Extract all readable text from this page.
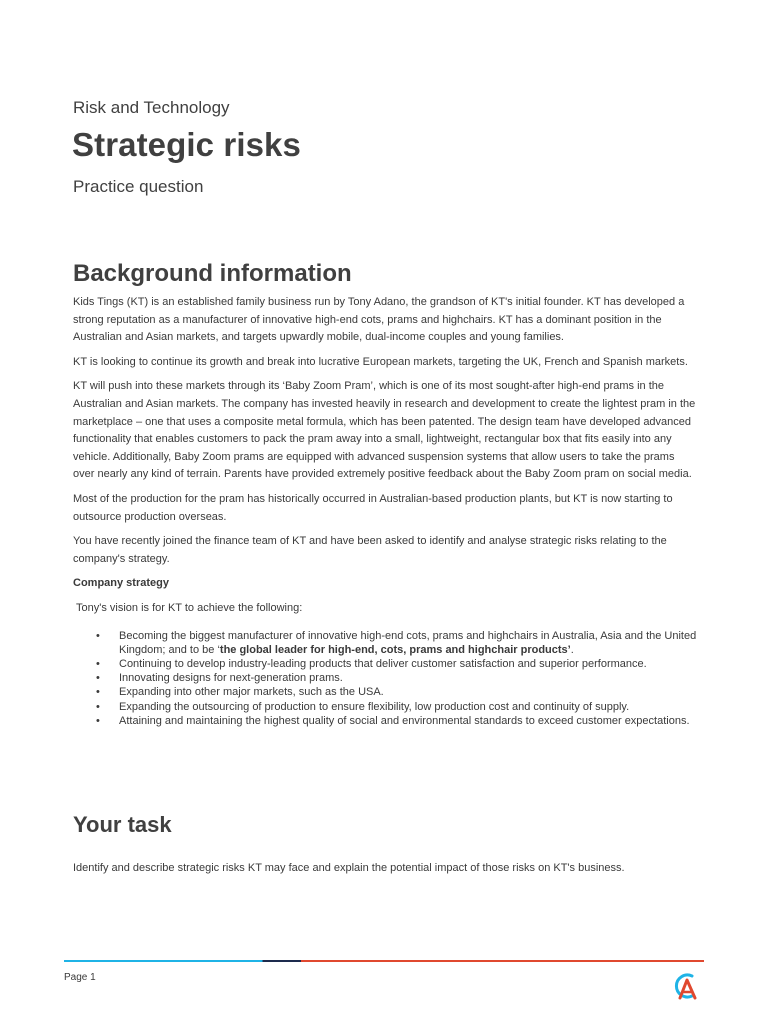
Risk and Technology
Strategic risks
Practice question
Background information

Kids Tings (KT) is an established family business run by Tony Adano, the grandson of KT's initial founder. KT has developed a strong reputation as a manufacturer of innovative high-end cots, prams and highchairs. KT has a dominant position in the Australian and Asian markets, and targets upwardly mobile, dual-income couples and young families.

KT is looking to continue its growth and break into lucrative European markets, targeting the UK, French and Spanish markets.

KT will push into these markets through its ‘Baby Zoom Pram’, which is one of its most sought-after high-end prams in the Australian and Asian markets. The company has invested heavily in research and development to create the lightest pram in the marketplace – one that uses a composite metal formula, which has been patented. The design team have developed advanced functionality that enables customers to pack the pram away into a small, lightweight, rectangular box that fits easily into any vehicle. Additionally, Baby Zoom prams are equipped with advanced suspension systems that allow users to take the prams over nearly any kind of terrain. Parents have provided extremely positive feedback about the Baby Zoom pram on social media.

Most of the production for the pram has historically occurred in Australian-based production plants, but KT is now starting to outsource production overseas.

You have recently joined the finance team of KT and have been asked to identify and analyse strategic risks relating to the company's strategy.

Company strategy
Tony's vision is for KT to achieve the following:
• Becoming the biggest manufacturer of innovative high-end cots, prams and highchairs in Australia, Asia and the United Kingdom; and to be ‘the global leader for high-end, cots, prams and highchair products’.
• Continuing to develop industry-leading products that deliver customer satisfaction and superior performance.
• Innovating designs for next-generation prams.
• Expanding into other major markets, such as the USA.
• Expanding the outsourcing of production to ensure flexibility, low production cost and continuity of supply.
• Attaining and maintaining the highest quality of social and environmental standards to exceed customer expectations.
Your task
Identify and describe strategic risks KT may face and explain the potential impact of those risks on KT's business.
Page 1
